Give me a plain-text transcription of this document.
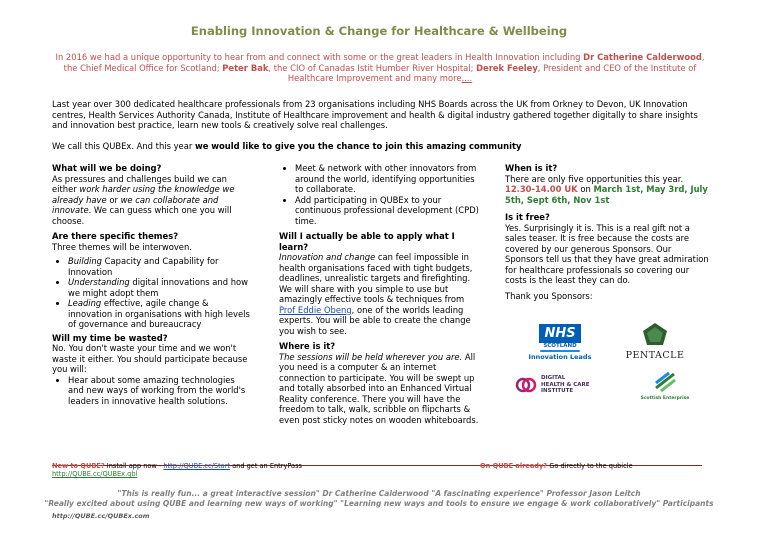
Enabling Innovation & Change for Healthcare & Wellbeing
In 2016 we had a unique opportunity to hear from and connect with some or the great leaders in Health Innovation including Dr Catherine Calderwood, the Chief Medical Office for Scotland; Peter Bak, the CIO of Canadas Istit Humber River Hospital; Derek Feeley, President and CEO of the Institute of Healthcare Improvement and many more....
Last year over 300 dedicated healthcare professionals from 23 organisations including NHS Boards across the UK from Orkney to Devon, UK Innovation centres, Health Services Authority Canada, Institute of Healthcare improvement and health & digital industry gathered together digitally to share insights and innovation best practice, learn new tools & creatively solve real challenges.
We call this QUBEx. And this year we would like to give you the chance to join this amazing community
What will we be doing?

As pressures and challenges build we can either work harder using the knowledge we already have or we can collaborate and innovate. We can guess which one you will choose.

Are there specific themes?

Three themes will be interwoven.

• Building Capacity and Capability for Innovation
• Understanding digital innovations and how we might adopt them
• Leading effective, agile change & innovation in organisations with high levels of governance and bureaucracy
Will my time be wasted?

No. You don't waste your time and we won't waste it either. You should participate because you will:

• Hear about some amazing technologies and new ways of working from the world's leaders in innovative health solutions.
• Meet & network with other innovators from around the world, identifying opportunities to collaborate.
• Add participating in QUBEx to your continuous professional development (CPD) time.
Will I actually be able to apply what I learn?

Innovation and change can feel impossible in health organisations faced with tight budgets, deadlines, unrealistic targets and firefighting. We will share with you simple to use but amazingly effective tools & techniques from Prof Eddie Obeng, one of the worlds leading experts. You will be able to create the change you wish to see.

Where is it?

The sessions will be held wherever you are. All you need is a computer & an internet connection to participate. You will be swept up and totally absorbed into an Enhanced Virtual Reality conference. There you will have the freedom to talk, walk, scribble on flipcharts & even post sticky notes on wooden whiteboards.

When is it?

There are only five opportunities this year.

12.30-14.00 UK on March 1st, May 3rd, July 5th, Sept 6th, Nov 1st

Is it free?

Yes. Surprisingly it is. This is a real gift not a sales teaser. It is free because the costs are covered by our generous Sponsors. Our Sponsors tell us that they have great admiration for healthcare professionals so covering our costs is the least they can do.

Thank you Sponsors:

NHS
SCOTLAND
Innovation Leads
DIGITAL
HEALTH & CARE
INSTITUTE
PENTACLE
Scottish Enterprise
New to QUBE? Install app now - http://QUBE.cc/Start and get an EntryPass	On QUBE already? Go directly to the qubicle
http://QUBE.cc/QUBEx.qbl
"This is really fun... a great interactive session" Dr Catherine Calderwood "A fascinating experience" Professor Jason Leitch
"Really excited about using QUBE and learning new ways of working" "Learning new ways and tools to ensure we engage & work collaboratively" Participants
http://QUBE.cc/QUBEx.com
